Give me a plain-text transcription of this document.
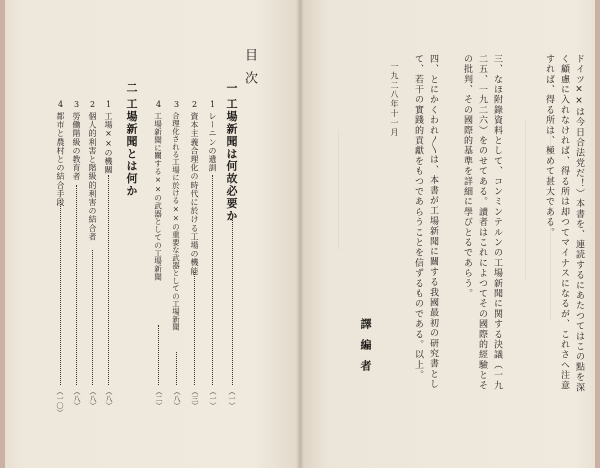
目次
一
工場新聞は何故必要か
（一）
1
レーニンの遺訓
（一）
2
資本主義合理化の時代に於ける工場の機能
（三）
3
合理化される工場に於ける××の重要な武器としての工場新聞
（八）
4
工場新聞に關する××の武器としての工場新聞
（二）
二
工場新聞とは何か
1
工場××の機關
（八）
2
個人的利害と階級的利害の結合者
（八）
3
勞働階級の教育者
（八）
4
都市と農村との結合手段
（一〇）
ドイツ××は今日合法党だ！）本書を、連読するにあたつてはこの點を深く顧慮に入れなければ、得る所は却つてマイナスになるが、これさへ注意すれば、得る所は、極めて甚大である。
三、なほ附錄資料として、コンミンテルンの工場新聞に関する決議（一九二五、一九二六）をのせてある。讀者はこれによつてその國際的經驗とその批判、その國際的基準を詳細に學びとるであらう。
四、とにかくわれ〳〵は、本書が工場新聞に關する我國最初の研究書として、若干の實踐的貢獻をもつであらうことを信ずるものである。以上。
一九二八年十一月
譯編者
